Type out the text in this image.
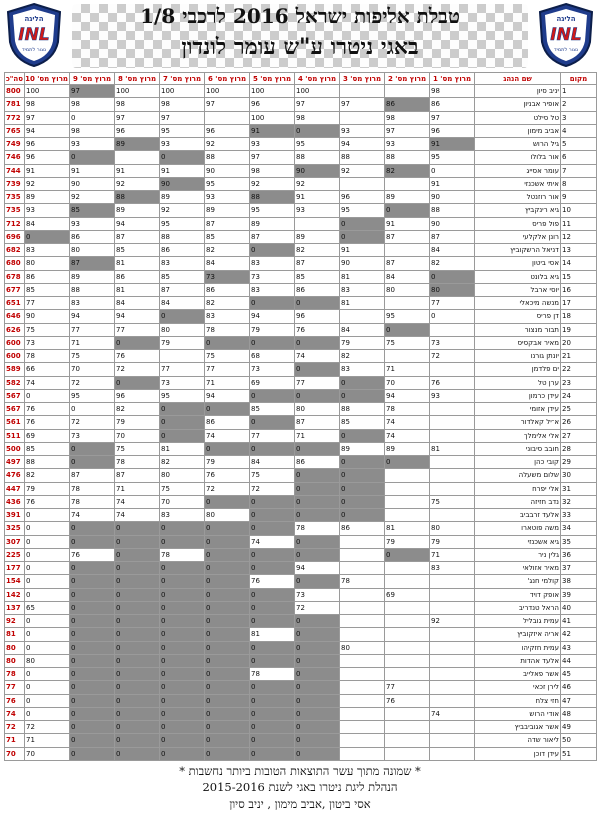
הליגה
INL
נצור לתמיד
הליגה
INL
נצור לתמיד
טבלת אליפות ישראל 2016 לרכבי 1/8
באגי ניטרו ע"ש עומר לונדון
מקום	שם הנהג	מרוץ מס' 1	מרוץ מס' 2	מרוץ מס' 3	מרוץ מס' 4	מרוץ מס' 5	מרוץ מס' 6	מרוץ מס' 7	מרוץ מס' 8	מרוץ מס' 9	מרוץ מס' 10	סה"כ
1	יניב סיון	98			100	100	100	100	100	97	100	800
2	אופיר אבניון	86	86	97	97	96	97	98	98	98	98	781
3	טל סילט	97	98		98	100		97	97	0	97	772
4	אביב מימון	96	97	93	0	91	96	95	96	98	94	765
5	גיל הרוש	91	93	94	95	93	92	93	89	93	96	749
6	אור בלולו	95	88	88	88	97	88	0		0	96	746
7	עומר אסייג	0	82	92	90	98	90	91	91	91	91	744
8	איתי אשכנזי	91			92	92	95	90	92	90	92	739
9	אור רוזנטל	90	89	96	91	88	93	89	88	92	89	735
10	גיא רינקביץ	88	0	95	93	95	89	92	89	85	93	735
11	פול פריס	90	91	0		89	87	95	94	93	84	712
12	רונן אלקלעי	87	87	0	89	87	85	88	87	86	0	696
13	דניאל הרשקוביץ	84		91	82	0	82	86	85	80	83	682
14	אסי ביטון	82	87	90	87	83	84	83	81	87	80	680
15	גיא בלונט	0	84	81	85	73	73	85	86	89	86	678
16	יוסי ארבל	80	80	83	86	83	86	87	81	88	85	677
17	מנשה מיכאלי	77		81	0	0	82	84	84	83	77	651
18	דן פריס	0	95		96	94	83	0	94	94	90	646
19	תבור מנצור		0	84	76	79	78	80	77	77	75	626
20	מאיר אבקסיס	73	75	79	0	0	0	79	0	71	73	600
21	יונתן גורנו	72		82	74	68	75		76	75	78	600
22	ים פלדמן		71	83	0	73	77	77	72	70	66	589
23	ערן טל	76	70	0	77	69	71	73	0	72	74	582
24	עידן כרמון	93	94	0	0	0	94	95	96	95	0	567
25	עידן אזומי		78	88	80	85	0	0	82	0	76	567
26	א־יל קאלדור		74	85	87	0	86	0	79	72	76	561
27	אלי אלימלך		74	0	71	77	74	0	70	73	69	511
28	חובב סיבוני	81	89	89	0	0	0	81	75	0	85	500
29	קובי כהן		0	0	86	84	79	82	78	0	88	497
30	שלום משעלה			0	0	75	76	80	87	87	82	476
31	אלי יפרח			0	0	72	72	75	71	78	79	447
32	נדב חזיזה	75		0	0	0	0	70	74	78	76	436
33	אלעד זרבביב			0	0	0	80	83	74	74	0	391
34	משה פוטארו	80	81	86	78	0	0	0	0	0	0	325
35	גיא אשכנזי	79	79		0	74	0	0	0	0	0	307
36	גלין ניר	71	0		0	0	0	78	0	76	0	225
37	מאיר אזולאי	83			94	0	0	0	0	0	0	177
38	קולמי חנג'			78	0	76	0	0	0	0	0	154
39	אופק דויד		69		73	0	0	0	0	0	0	142
40	הראל טנדריב				72	0	0	0	0	0	65	137
41	עמית גובליל	92			0	0	0	0	0	0	0	92
42	אריה איזקוביץ				0	81	0	0	0	0	0	81
43	עמית חזקיהו			80	0	0	0	0	0	0	0	80
44	אלעד אהדות				0	0	0	0	0	0	80	80
45	אשר פאלייב				0	78	0	0	0	0	0	78
46	לירן זכאי		77		0	0	0	0	0	0	0	77
47	חזי צלח		76		0	0	0	0	0	0	0	76
48	אודי הרוש	74			0	0	0	0	0	0	0	74
49	אשר אגוביבביץ				0	0	0	0	0	0	72	72
50	ליאור שדה				0	0	0	0	0	0	71	71
51	עידן דוכן				0	0	0	0	0	0	70	70
* שמונה מתוך עשר התוצאות הטובות ביותר נחשבות *
הנהלת ליגת ניטרו באגי לשנת 2015-2016
אסי ביטון ,אביב מימון , יניב סיון
